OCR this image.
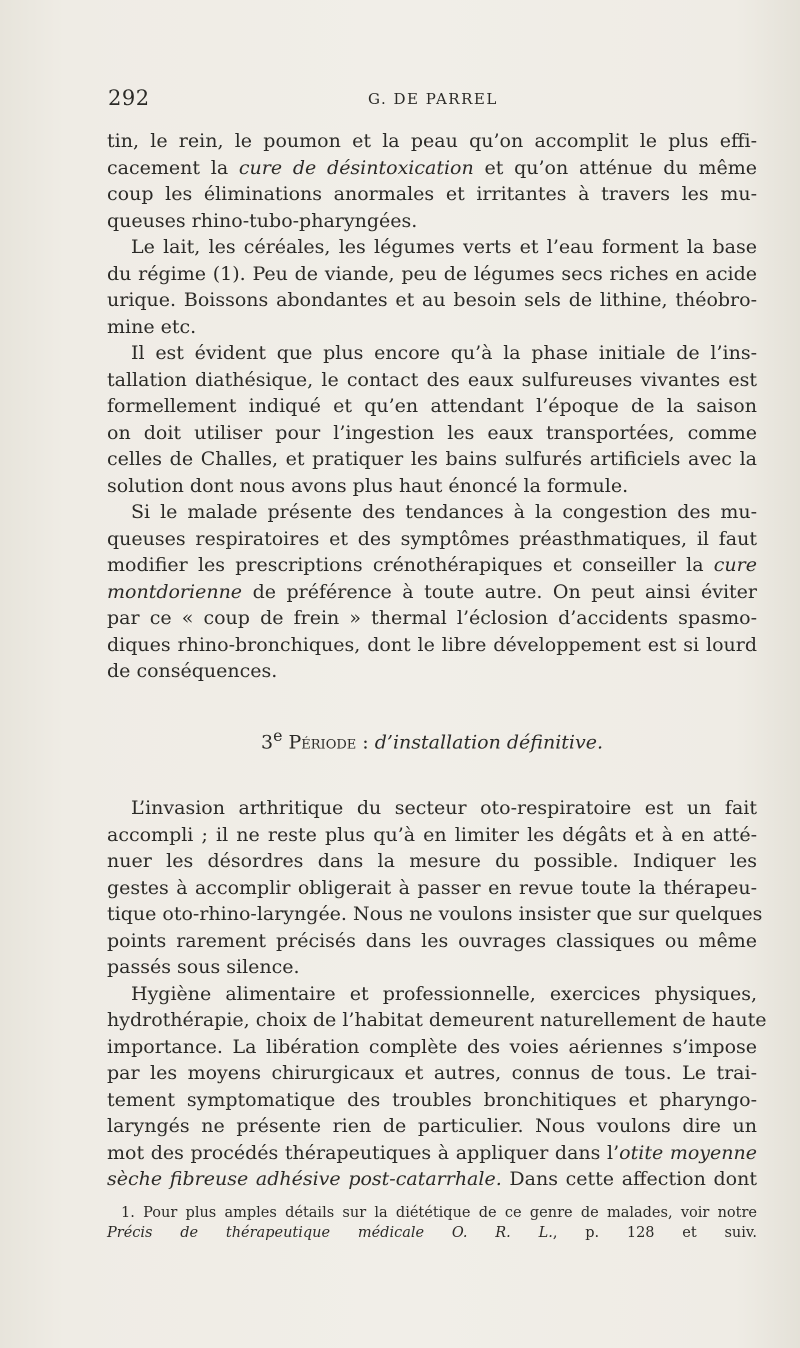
292	G. DE PARREL
tin, le rein, le poumon et la peau qu’on accomplit le plus effi-
cacement la cure de désintoxication et qu’on atténue du même
coup les éliminations anormales et irritantes à travers les mu-
queuses rhino-tubo-pharyngées.
Le lait, les céréales, les légumes verts et l’eau forment la base
du régime (1). Peu de viande, peu de légumes secs riches en acide
urique. Boissons abondantes et au besoin sels de lithine, théobro-
mine etc.
Il est évident que plus encore qu’à la phase initiale de l’ins-
tallation diathésique, le contact des eaux sulfureuses vivantes est
formellement indiqué et qu’en attendant l’époque de la saison
on doit utiliser pour l’ingestion les eaux transportées, comme
celles de Challes, et pratiquer les bains sulfurés artificiels avec la
solution dont nous avons plus haut énoncé la formule.
Si le malade présente des tendances à la congestion des mu-
queuses respiratoires et des symptômes préasthmatiques, il faut
modifier les prescriptions crénothérapiques et conseiller la cure
montdorienne de préférence à toute autre. On peut ainsi éviter
par ce « coup de frein » thermal l’éclosion d’accidents spasmo-
diques rhino-bronchiques, dont le libre développement est si lourd
de conséquences.
3e Période : d’installation définitive.
L’invasion arthritique du secteur oto-respiratoire est un fait
accompli ; il ne reste plus qu’à en limiter les dégâts et à en atté-
nuer les désordres dans la mesure du possible. Indiquer les
gestes à accomplir obligerait à passer en revue toute la thérapeu-
tique oto-rhino-laryngée. Nous ne voulons insister que sur quelques
points rarement précisés dans les ouvrages classiques ou même
passés sous silence.
Hygiène alimentaire et professionnelle, exercices physiques,
hydrothérapie, choix de l’habitat demeurent naturellement de haute
importance. La libération complète des voies aériennes s’impose
par les moyens chirurgicaux et autres, connus de tous. Le trai-
tement symptomatique des troubles bronchitiques et pharyngo-
laryngés ne présente rien de particulier. Nous voulons dire un
mot des procédés thérapeutiques à appliquer dans l’otite moyenne
sèche fibreuse adhésive post-catarrhale. Dans cette affection dont
1. Pour plus amples détails sur la diététique de ce genre de malades, voir notre
Précis de thérapeutique médicale O. R. L., p. 128 et suiv.
